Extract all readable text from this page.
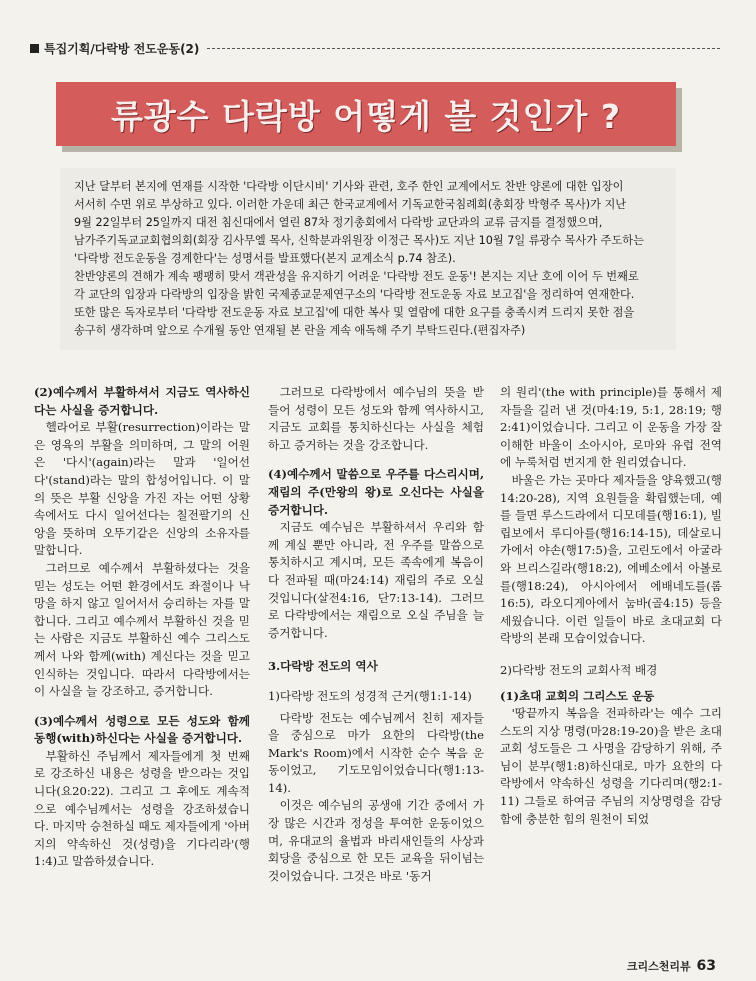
특집기획/다락방 전도운동(2)
류광수 다락방 어떻게 볼 것인가 ?
지난 달부터 본지에 연재를 시작한 '다락방 이단시비' 기사와 관련, 호주 한인 교계에서도 찬반 양론에 대한 입장이
서서히 수면 위로 부상하고 있다. 이러한 가운데 최근 한국교계에서 기독교한국침례회(총회장 박형주 목사)가 지난
9월 22일부터 25일까지 대전 침신대에서 열린 87차 정기총회에서 다락방 교단과의 교류 금지를 결정했으며,
남가주기독교교회협의회(회장 김사무엘 목사, 신학분과위원장 이정근 목사)도 지난 10월 7일 류광수 목사가 주도하는
'다락방 전도운동을 경계한다'는 성명서를 발표했다(본지 교계소식 p.74 참조).
찬반양론의 견해가 계속 팽팽히 맞서 객관성을 유지하기 어려운 '다락방 전도 운동'! 본지는 지난 호에 이어 두 번째로
각 교단의 입장과 다락방의 입장을 밝힌 국제종교문제연구소의 '다락방 전도운동 자료 보고집'을 정리하여 연재한다.
또한 많은 독자로부터 '다락방 전도운동 자료 보고집'에 대한 복사 및 열람에 대한 요구를 충족시켜 드리지 못한 점을
송구히 생각하며 앞으로 수개월 동안 연재될 본 란을 계속 애독해 주기 부탁드린다.(편집자주)

(2)예수께서 부활하셔서 지금도 역사하신다는 사실을 증거합니다.

헬라어로 부활(resurrection)이라는 말은 영육의 부활을 의미하며, 그 말의 어원은 '다시'(again)라는 말과 '일어선다'(stand)라는 말의 합성어입니다. 이 말의 뜻은 부활 신앙을 가진 자는 어떤 상황속에서도 다시 일어선다는 칠전팔기의 신앙을 뜻하며 오뚜기같은 신앙의 소유자를 말합니다.

그러므로 예수께서 부활하셨다는 것을 믿는 성도는 어떤 환경에서도 좌절이나 낙망을 하지 않고 일어서서 승리하는 자를 말합니다. 그리고 예수께서 부활하신 것을 믿는 사람은 지금도 부활하신 예수 그리스도께서 나와 함께(with) 계신다는 것을 믿고 인식하는 것입니다. 따라서 다락방에서는 이 사실을 늘 강조하고, 증거합니다.

(3)예수께서 성령으로 모든 성도와 함께 동행(with)하신다는 사실을 증거합니다.

부활하신 주님께서 제자들에게 첫 번째로 강조하신 내용은 성령을 받으라는 것입니다(요20:22). 그리고 그 후에도 계속적으로 예수님께서는 성령을 강조하셨습니다. 마지막 승천하실 때도 제자들에게 '아버지의 약속하신 것(성령)을 기다리라'(행1:4)고 말씀하셨습니다.

그러므로 다락방에서 예수님의 뜻을 받들어 성령이 모든 성도와 함께 역사하시고, 지금도 교회를 통치하신다는 사실을 체험하고 증거하는 것을 강조합니다.

(4)예수께서 말씀으로 우주를 다스리시며, 재림의 주(만왕의 왕)로 오신다는 사실을 증거합니다.

지금도 예수님은 부활하셔서 우리와 함께 계실 뿐만 아니라, 전 우주를 말씀으로 통치하시고 계시며, 모든 족속에게 복음이 다 전파될 때(마24:14) 재림의 주로 오실 것입니다(살전4:16, 단7:13-14). 그러므로 다락방에서는 재림으로 오실 주님을 늘 증거합니다.

3.다락방 전도의 역사

1)다락방 전도의 성경적 근거(행1:1-14)

다락방 전도는 예수님께서 친히 제자들을 중심으로 마가 요한의 다락방(the Mark's Room)에서 시작한 순수 복음 운동이었고, 기도모임이었습니다(행1:13-14).

이것은 예수님의 공생애 기간 중에서 가장 많은 시간과 정성을 투여한 운동이었으며, 유대교의 율법과 바리새인들의 사상과 회당을 중심으로 한 모든 교육을 뒤이넘는 것이었습니다. 그것은 바로 '동거

의 원리'(the with principle)를 통해서 제자들을 길러 낸 것(마4:19, 5:1, 28:19; 행 2:41)이었습니다. 그리고 이 운동을 가장 잘 이해한 바울이 소아시아, 로마와 유럽 전역에 누룩처럼 번지게 한 원리였습니다.

바울은 가는 곳마다 제자들을 양육했고(행14:20-28), 지역 요원들을 확립했는데, 예를 들면 루스드라에서 디모데를(행16:1), 빌립보에서 루디아를(행16:14-15), 데살로니가에서 야손(행17:5)을, 고린도에서 아굴라와 브리스길라(행18:2), 에베소에서 아볼로를(행18:24), 아시아에서 에배네도를(롬16:5), 라오디게아에서 눔바(골4:15) 등을 세웠습니다. 이런 일들이 바로 초대교회 다락방의 본래 모습이었습니다.

2)다락방 전도의 교회사적 배경

(1)초대 교회의 그리스도 운동

'땅끝까지 복음을 전파하라'는 예수 그리스도의 지상 명령(마28:19-20)을 받은 초대 교회 성도들은 그 사명을 감당하기 위해, 주님이 분부(행1:8)하신대로, 마가 요한의 다락방에서 약속하신 성령을 기다리며(행2:1-11) 그들로 하여금 주님의 지상명령을 감당함에 충분한 힘의 원천이 되었

크리스천리뷰 63
